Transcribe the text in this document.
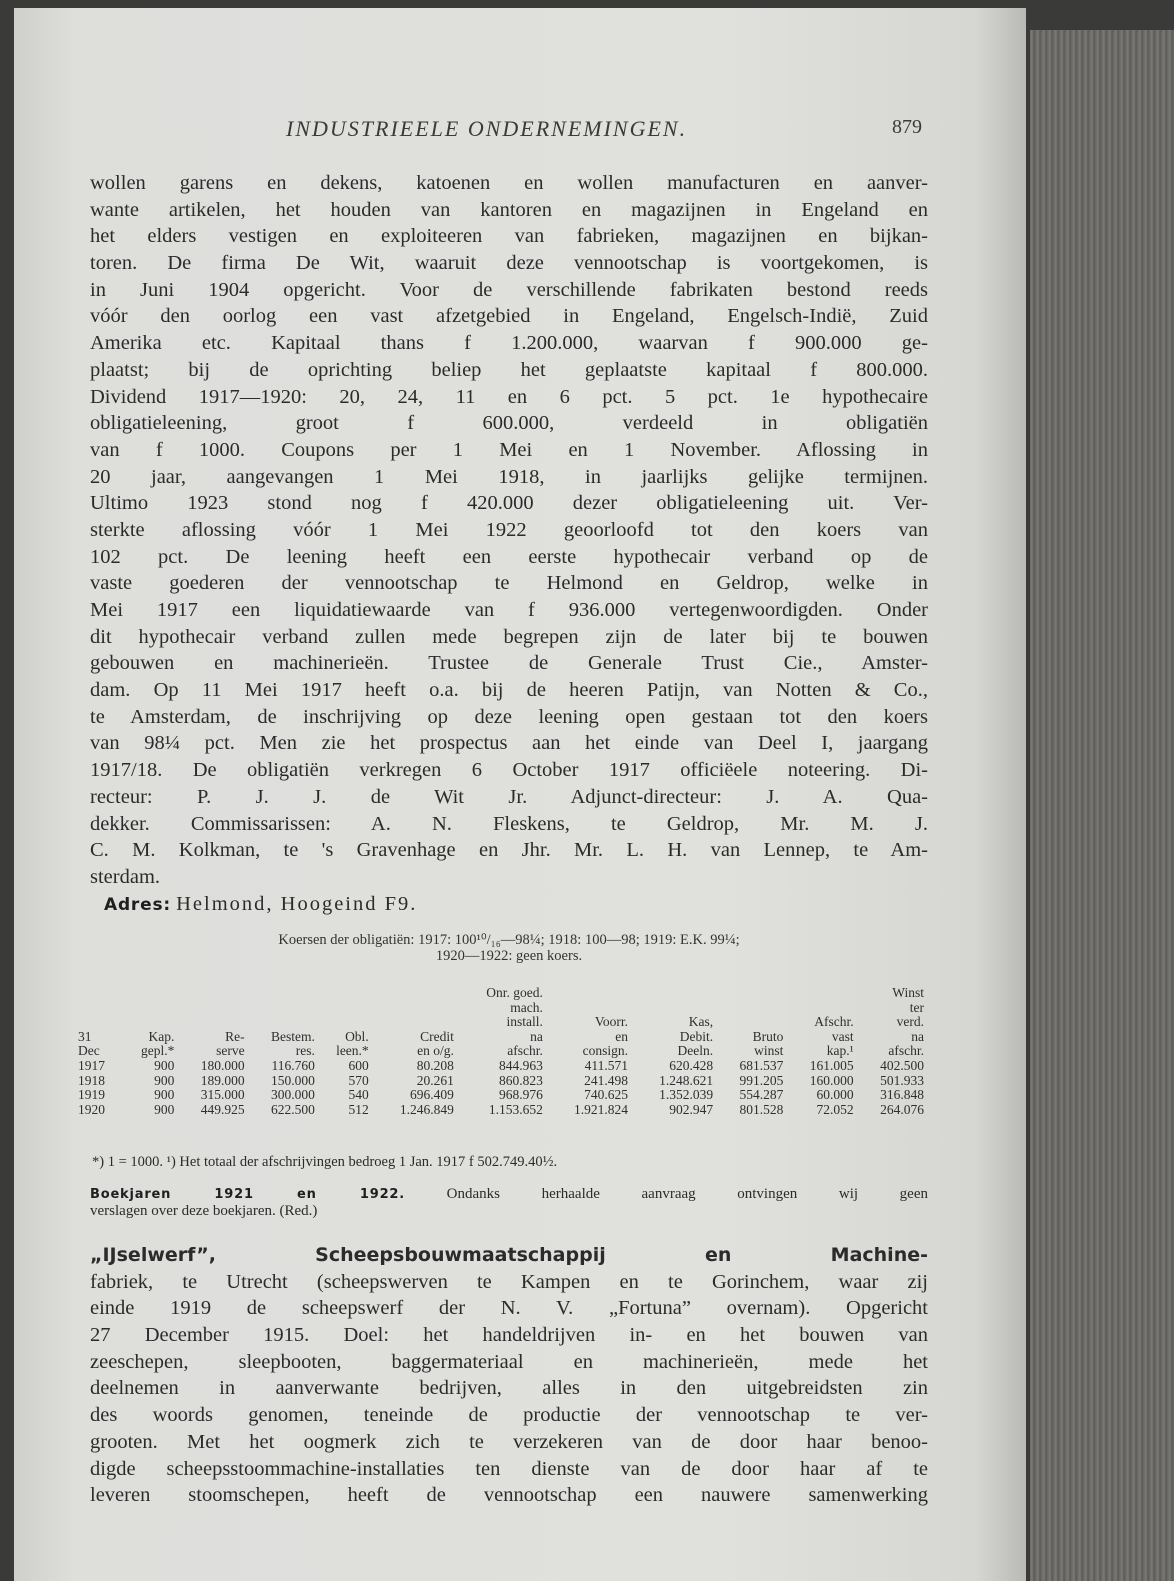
INDUSTRIEELE ONDERNEMINGEN.	879
wollen garens en dekens, katoenen en wollen manufacturen en aanver-
wante artikelen, het houden van kantoren en magazijnen in Engeland en
het elders vestigen en exploiteeren van fabrieken, magazijnen en bijkan-
toren. De firma De Wit, waaruit deze vennootschap is voortgekomen, is
in Juni 1904 opgericht. Voor de verschillende fabrikaten bestond reeds
vóór den oorlog een vast afzetgebied in Engeland, Engelsch-Indië, Zuid
Amerika etc. Kapitaal thans f 1.200.000, waarvan f 900.000 ge-
plaatst; bij de oprichting beliep het geplaatste kapitaal f 800.000.
Dividend 1917—1920: 20, 24, 11 en 6 pct. 5 pct. 1e hypothecaire
obligatieleening, groot f 600.000, verdeeld in obligatiën
van f 1000. Coupons per 1 Mei en 1 November. Aflossing in
20 jaar, aangevangen 1 Mei 1918, in jaarlijks gelijke termijnen.
Ultimo 1923 stond nog f 420.000 dezer obligatieleening uit. Ver-
sterkte aflossing vóór 1 Mei 1922 geoorloofd tot den koers van
102 pct. De leening heeft een eerste hypothecair verband op de
vaste goederen der vennootschap te Helmond en Geldrop, welke in
Mei 1917 een liquidatiewaarde van f 936.000 vertegenwoordigden. Onder
dit hypothecair verband zullen mede begrepen zijn de later bij te bouwen
gebouwen en machinerieën. Trustee de Generale Trust Cie., Amster-
dam. Op 11 Mei 1917 heeft o.a. bij de heeren Patijn, van Notten & Co.,
te Amsterdam, de inschrijving op deze leening open gestaan tot den koers
van 98¼ pct. Men zie het prospectus aan het einde van Deel I, jaargang
1917/18. De obligatiën verkregen 6 October 1917 officiëele noteering. Di-
recteur: P. J. J. de Wit Jr. Adjunct-directeur: J. A. Qua-
dekker. Commissarissen: A. N. Fleskens, te Geldrop, Mr. M. J.
C. M. Kolkman, te 's Gravenhage en Jhr. Mr. L. H. van Lennep, te Am-
sterdam.
Adres: Helmond, Hoogeind F9.
Koersen der obligatiën: 1917: 100¹⁰/₁₆—98¼; 1918: 100—98; 1919: E.K. 99¼;
1920—1922: geen koers.
						Onr. goed.					Winst
						mach.					ter
						install.	Voorr.	Kas,		Afschr.	verd.
31	Kap.	Re-	Bestem.	Obl.	Credit	na	en	Debit.	Bruto	vast	na
Dec	gepl.*	serve	res.	leen.*	en o/g.	afschr.	consign.	Deeln.	winst	kap.¹	afschr.
1917	900	180.000	116.760	600	80.208	844.963	411.571	620.428	681.537	161.005	402.500
1918	900	189.000	150.000	570	20.261	860.823	241.498	1.248.621	991.205	160.000	501.933
1919	900	315.000	300.000	540	696.409	968.976	740.625	1.352.039	554.287	60.000	316.848
1920	900	449.925	622.500	512	1.246.849	1.153.652	1.921.824	902.947	801.528	72.052	264.076
*) 1 = 1000. ¹) Het totaal der afschrijvingen bedroeg 1 Jan. 1917 f 502.749.40½.
Boekjaren 1921 en 1922.	Ondanks herhaalde aanvraag ontvingen wij geen
verslagen over deze boekjaren. (Red.)
„IJselwerf”, Scheepsbouwmaatschappij en Machine-
fabriek, te Utrecht (scheepswerven te Kampen en te Gorinchem, waar zij
einde 1919 de scheepswerf der N. V. „Fortuna” overnam). Opgericht
27 December 1915. Doel: het handeldrijven in- en het bouwen van
zeeschepen, sleepbooten, baggermateriaal en machinerieën, mede het
deelnemen in aanverwante bedrijven, alles in den uitgebreidsten zin
des woords genomen, teneinde de productie der vennootschap te ver-
grooten. Met het oogmerk zich te verzekeren van de door haar benoo-
digde scheepsstoommachine-installaties ten dienste van de door haar af te
leveren stoomschepen, heeft de vennootschap een nauwere samenwerking
